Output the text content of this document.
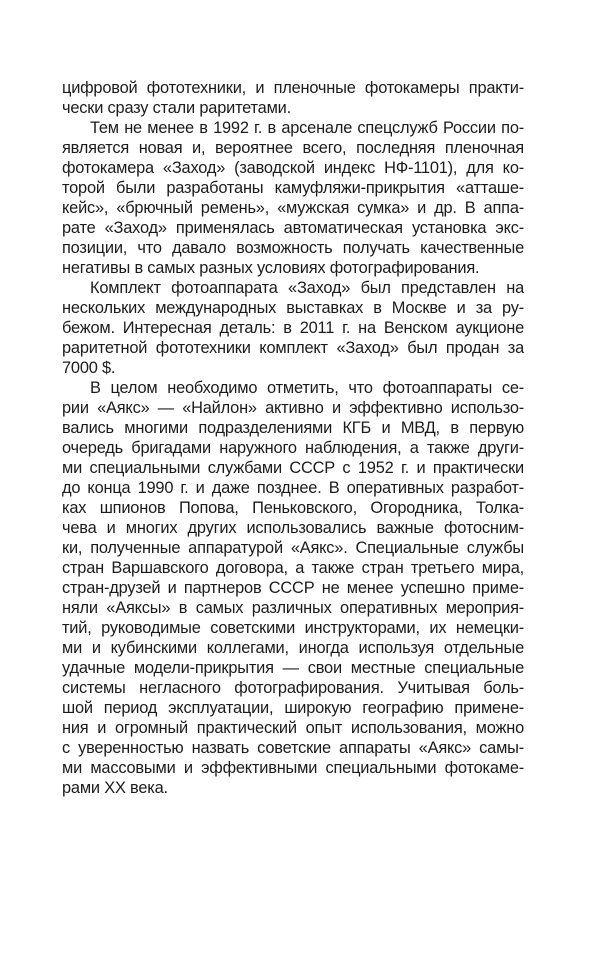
цифровой фототехники, и пленочные фотокамеры практи-
чески сразу стали раритетами.
Тем не менее в 1992 г. в арсенале спецслужб России по-
является новая и, вероятнее всего, последняя пленочная
фотокамера «Заход» (заводской индекс НФ-1101), для ко-
торой были разработаны камуфляжи-прикрытия «атташе-
кейс», «брючный ремень», «мужская сумка» и др. В аппа-
рате «Заход» применялась автоматическая установка экс-
позиции, что давало возможность получать качественные
негативы в самых разных условиях фотографирования.
Комплект фотоаппарата «Заход» был представлен на
нескольких международных выставках в Москве и за ру-
бежом. Интересная деталь: в 2011 г. на Венском аукционе
раритетной фототехники комплект «Заход» был продан за
7000 $.
В целом необходимо отметить, что фотоаппараты се-
рии «Аякс» — «Найлон» активно и эффективно использо-
вались многими подразделениями КГБ и МВД, в первую
очередь бригадами наружного наблюдения, а также други-
ми специальными службами СССР с 1952 г. и практически
до конца 1990 г. и даже позднее. В оперативных разработ-
ках шпионов Попова, Пеньковского, Огородника, Толка-
чева и многих других использовались важные фотосним-
ки, полученные аппаратурой «Аякс». Специальные службы
стран Варшавского договора, а также стран третьего мира,
стран-друзей и партнеров СССР не менее успешно приме-
няли «Аяксы» в самых различных оперативных мероприя-
тий, руководимые советскими инструкторами, их немецки-
ми и кубинскими коллегами, иногда используя отдельные
удачные модели-прикрытия — свои местные специальные
системы негласного фотографирования. Учитывая боль-
шой период эксплуатации, широкую географию примене-
ния и огромный практический опыт использования, можно
с уверенностью назвать советские аппараты «Аякс» самы-
ми массовыми и эффективными специальными фотокаме-
рами ХХ века.
